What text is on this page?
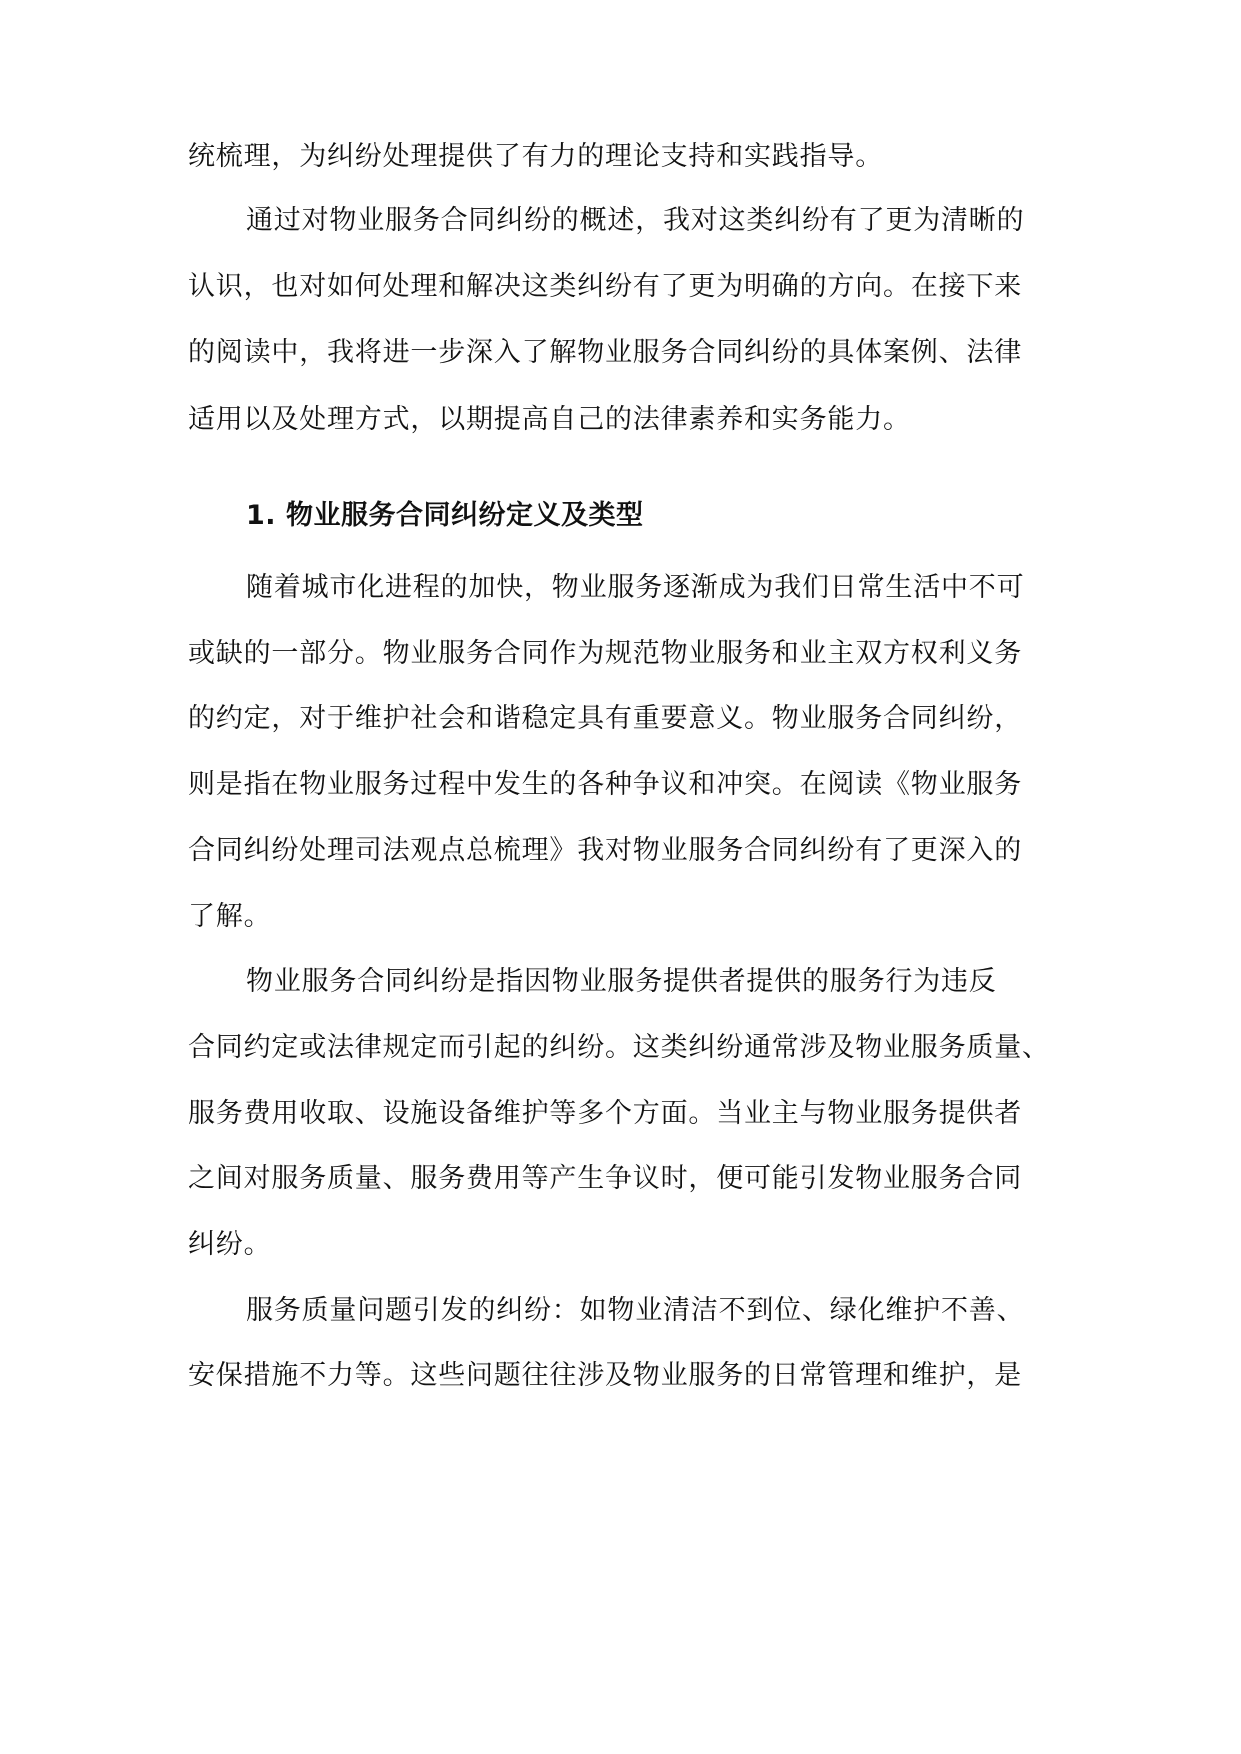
统梳理，为纠纷处理提供了有力的理论支持和实践指导。

通过对物业服务合同纠纷的概述，我对这类纠纷有了更为清晰的

认识，也对如何处理和解决这类纠纷有了更为明确的方向。在接下来

的阅读中，我将进一步深入了解物业服务合同纠纷的具体案例、法律

适用以及处理方式，以期提高自己的法律素养和实务能力。

1. 物业服务合同纠纷定义及类型

随着城市化进程的加快，物业服务逐渐成为我们日常生活中不可

或缺的一部分。物业服务合同作为规范物业服务和业主双方权利义务

的约定，对于维护社会和谐稳定具有重要意义。物业服务合同纠纷，

则是指在物业服务过程中发生的各种争议和冲突。在阅读《物业服务

合同纠纷处理司法观点总梳理》我对物业服务合同纠纷有了更深入的

了解。

物业服务合同纠纷是指因物业服务提供者提供的服务行为违反

合同约定或法律规定而引起的纠纷。这类纠纷通常涉及物业服务质量、

服务费用收取、设施设备维护等多个方面。当业主与物业服务提供者

之间对服务质量、服务费用等产生争议时，便可能引发物业服务合同

纠纷。

服务质量问题引发的纠纷：如物业清洁不到位、绿化维护不善、

安保措施不力等。这些问题往往涉及物业服务的日常管理和维护，是
